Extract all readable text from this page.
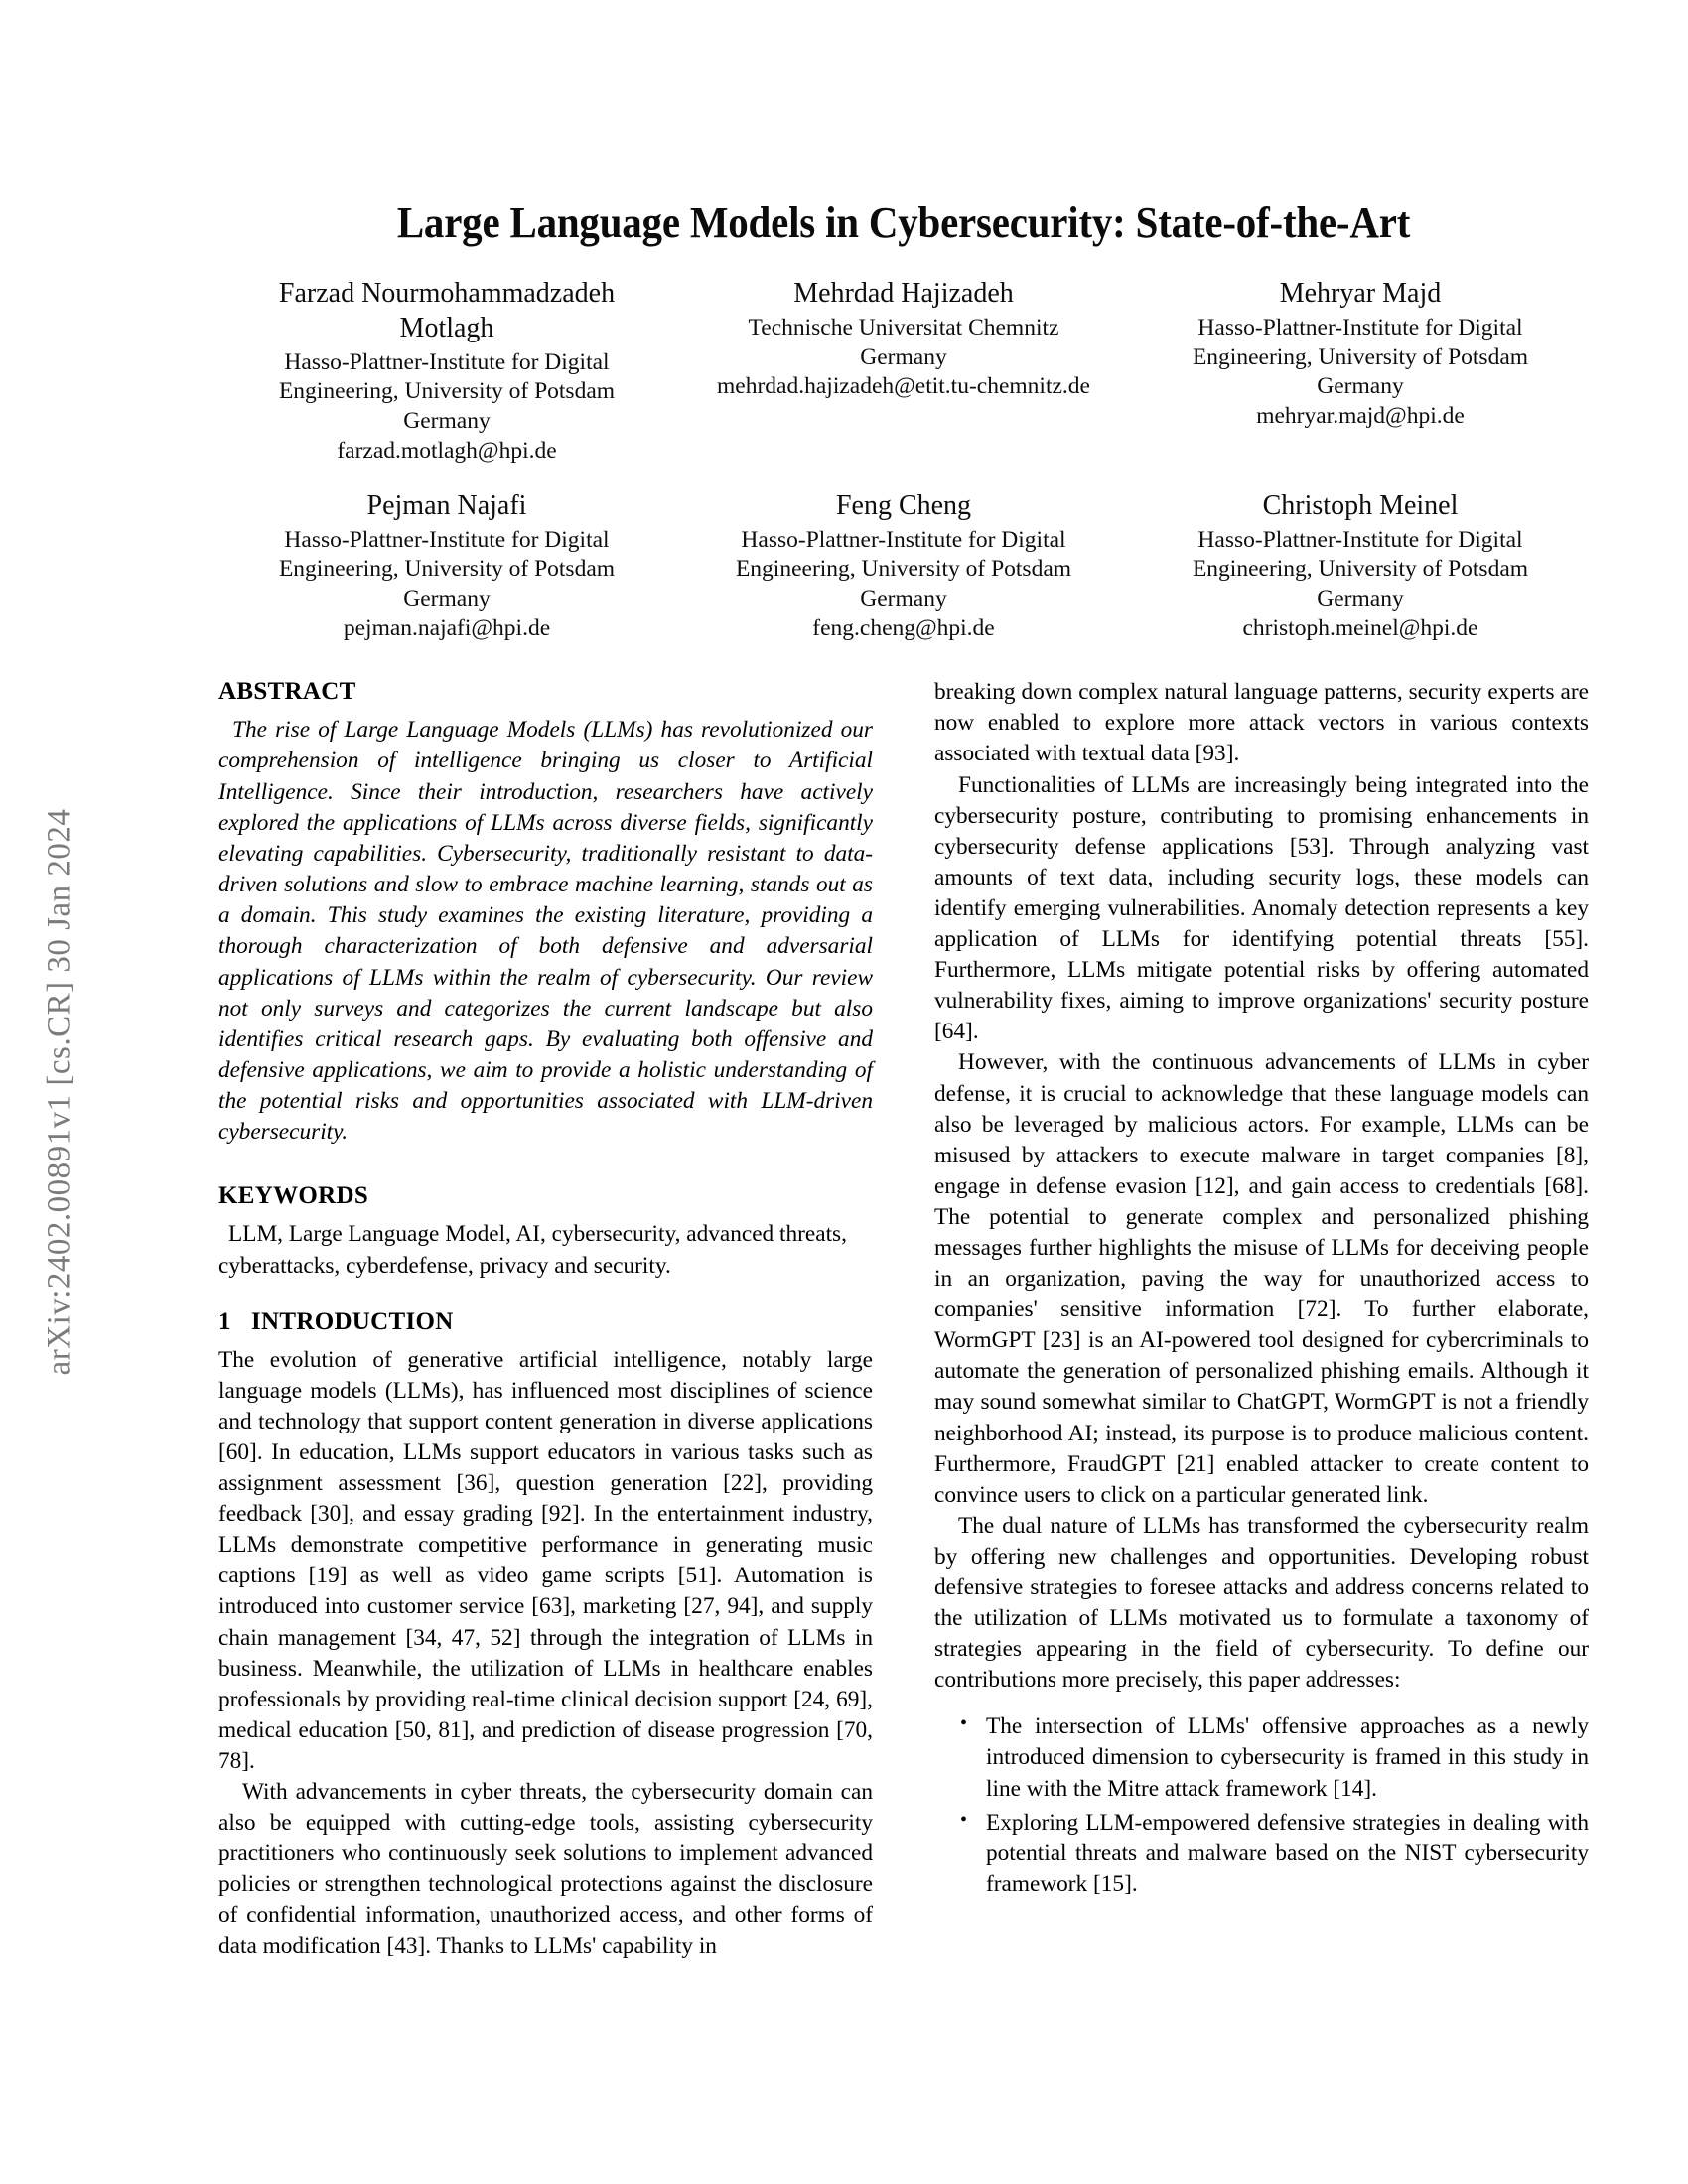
arXiv:2402.00891v1 [cs.CR] 30 Jan 2024
Large Language Models in Cybersecurity: State-of-the-Art
Farzad Nourmohammadzadeh Motlagh
Hasso-Plattner-Institute for Digital Engineering, University of Potsdam
Germany
farzad.motlagh@hpi.de
Mehrdad Hajizadeh
Technische Universitat Chemnitz
Germany
mehrdad.hajizadeh@etit.tu-chemnitz.de
Mehryar Majd
Hasso-Plattner-Institute for Digital Engineering, University of Potsdam
Germany
mehryar.majd@hpi.de
Pejman Najafi
Hasso-Plattner-Institute for Digital Engineering, University of Potsdam
Germany
pejman.najafi@hpi.de
Feng Cheng
Hasso-Plattner-Institute for Digital Engineering, University of Potsdam
Germany
feng.cheng@hpi.de
Christoph Meinel
Hasso-Plattner-Institute for Digital Engineering, University of Potsdam
Germany
christoph.meinel@hpi.de
ABSTRACT

The rise of Large Language Models (LLMs) has revolutionized our comprehension of intelligence bringing us closer to Artificial Intelligence. Since their introduction, researchers have actively explored the applications of LLMs across diverse fields, significantly elevating capabilities. Cybersecurity, traditionally resistant to data-driven solutions and slow to embrace machine learning, stands out as a domain. This study examines the existing literature, providing a thorough characterization of both defensive and adversarial applications of LLMs within the realm of cybersecurity. Our review not only surveys and categorizes the current landscape but also identifies critical research gaps. By evaluating both offensive and defensive applications, we aim to provide a holistic understanding of the potential risks and opportunities associated with LLM-driven cybersecurity.

KEYWORDS

LLM, Large Language Model, AI, cybersecurity, advanced threats, cyberattacks, cyberdefense, privacy and security.

1 INTRODUCTION

The evolution of generative artificial intelligence, notably large language models (LLMs), has influenced most disciplines of science and technology that support content generation in diverse applications [60]. In education, LLMs support educators in various tasks such as assignment assessment [36], question generation [22], providing feedback [30], and essay grading [92]. In the entertainment industry, LLMs demonstrate competitive performance in generating music captions [19] as well as video game scripts [51]. Automation is introduced into customer service [63], marketing [27, 94], and supply chain management [34, 47, 52] through the integration of LLMs in business. Meanwhile, the utilization of LLMs in healthcare enables professionals by providing real-time clinical decision support [24, 69], medical education [50, 81], and prediction of disease progression [70, 78].

With advancements in cyber threats, the cybersecurity domain can also be equipped with cutting-edge tools, assisting cybersecurity practitioners who continuously seek solutions to implement advanced policies or strengthen technological protections against the disclosure of confidential information, unauthorized access, and other forms of data modification [43]. Thanks to LLMs' capability in

breaking down complex natural language patterns, security experts are now enabled to explore more attack vectors in various contexts associated with textual data [93].

Functionalities of LLMs are increasingly being integrated into the cybersecurity posture, contributing to promising enhancements in cybersecurity defense applications [53]. Through analyzing vast amounts of text data, including security logs, these models can identify emerging vulnerabilities. Anomaly detection represents a key application of LLMs for identifying potential threats [55]. Furthermore, LLMs mitigate potential risks by offering automated vulnerability fixes, aiming to improve organizations' security posture [64].

However, with the continuous advancements of LLMs in cyber defense, it is crucial to acknowledge that these language models can also be leveraged by malicious actors. For example, LLMs can be misused by attackers to execute malware in target companies [8], engage in defense evasion [12], and gain access to credentials [68]. The potential to generate complex and personalized phishing messages further highlights the misuse of LLMs for deceiving people in an organization, paving the way for unauthorized access to companies' sensitive information [72]. To further elaborate, WormGPT [23] is an AI-powered tool designed for cybercriminals to automate the generation of personalized phishing emails. Although it may sound somewhat similar to ChatGPT, WormGPT is not a friendly neighborhood AI; instead, its purpose is to produce malicious content. Furthermore, FraudGPT [21] enabled attacker to create content to convince users to click on a particular generated link.

The dual nature of LLMs has transformed the cybersecurity realm by offering new challenges and opportunities. Developing robust defensive strategies to foresee attacks and address concerns related to the utilization of LLMs motivated us to formulate a taxonomy of strategies appearing in the field of cybersecurity. To define our contributions more precisely, this paper addresses:

• The intersection of LLMs' offensive approaches as a newly introduced dimension to cybersecurity is framed in this study in line with the Mitre attack framework [14].
• Exploring LLM-empowered defensive strategies in dealing with potential threats and malware based on the NIST cybersecurity framework [15].
